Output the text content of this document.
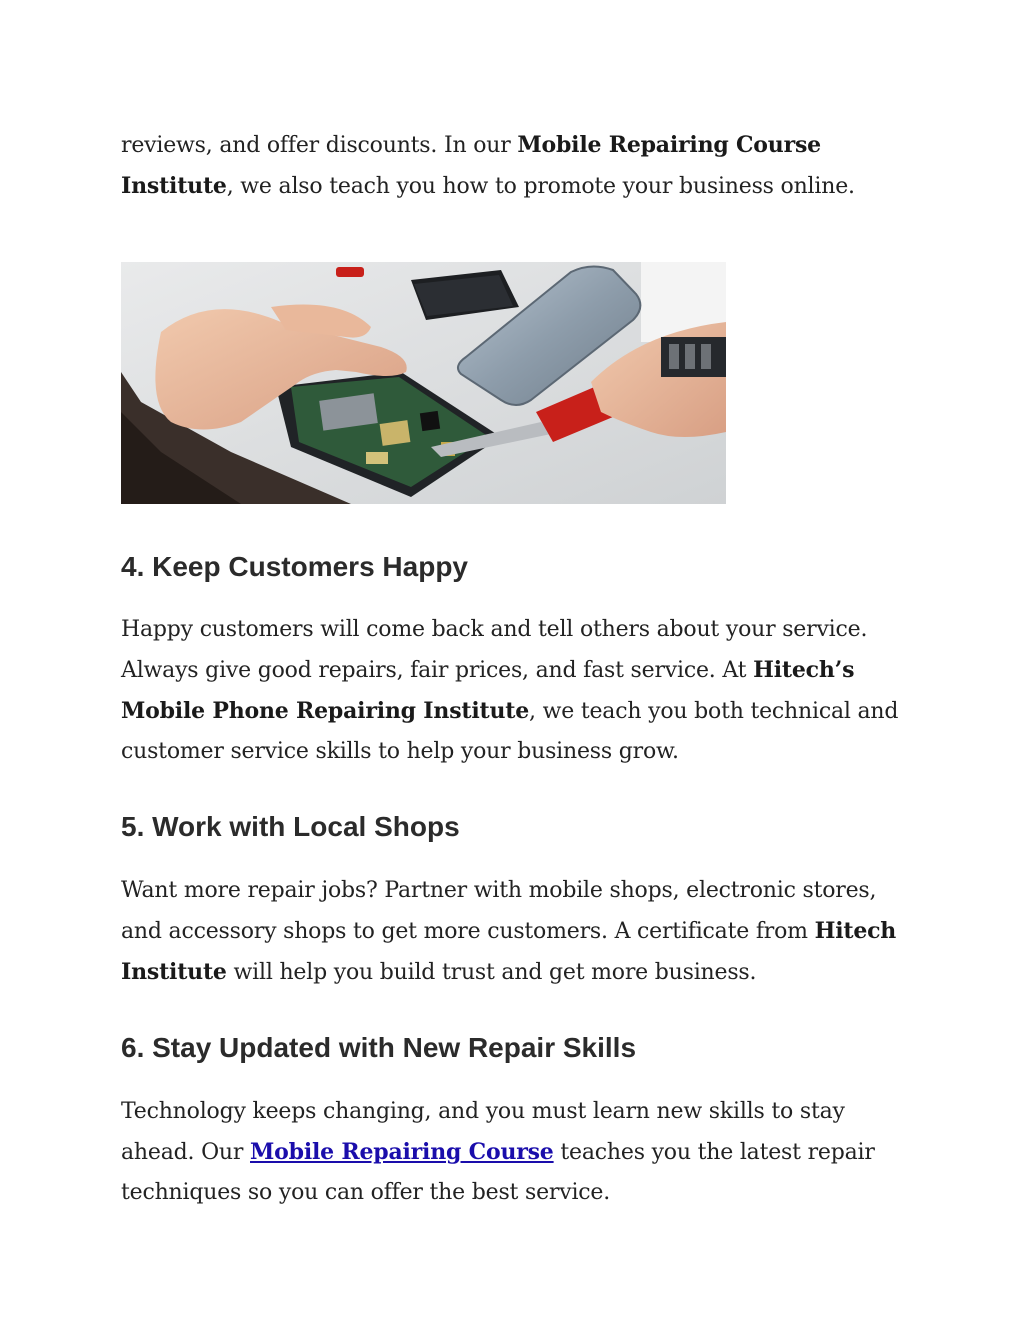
reviews, and offer discounts. In our Mobile Repairing Course Institute, we also teach you how to promote your business online.

4. Keep Customers Happy

Happy customers will come back and tell others about your service. Always give good repairs, fair prices, and fast service. At Hitech’s Mobile Phone Repairing Institute, we teach you both technical and customer service skills to help your business grow.

5. Work with Local Shops

Want more repair jobs? Partner with mobile shops, electronic stores, and accessory shops to get more customers. A certificate from Hitech Institute will help you build trust and get more business.

6. Stay Updated with New Repair Skills

Technology keeps changing, and you must learn new skills to stay ahead. Our Mobile Repairing Course teaches you the latest repair techniques so you can offer the best service.
